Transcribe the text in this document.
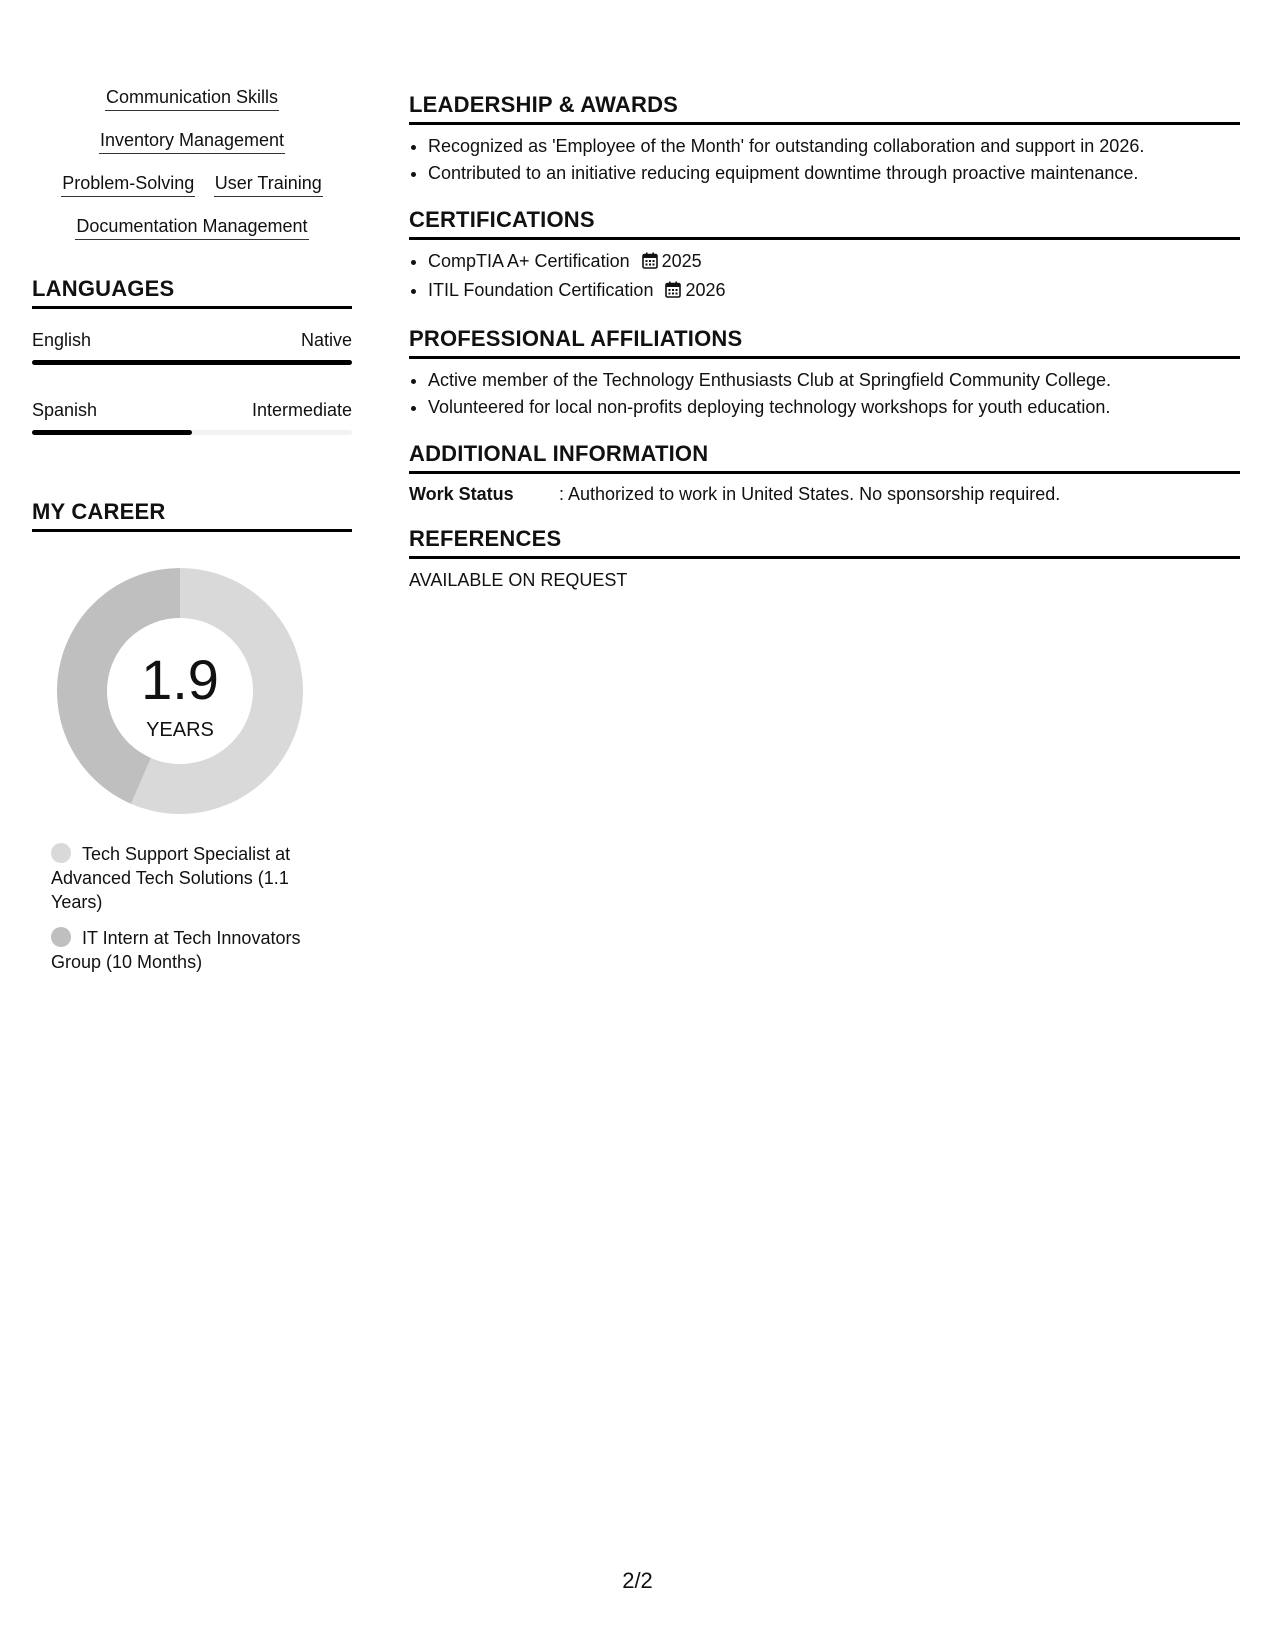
Communication Skills
Inventory Management
Problem-Solving User Training
Documentation Management
LANGUAGES
English	Native
Spanish	Intermediate
MY CAREER
1.9
YEARS
Tech Support Specialist at Advanced Tech Solutions (1.1 Years)
IT Intern at Tech Innovators Group (10 Months)
LEADERSHIP & AWARDS
• Recognized as 'Employee of the Month' for outstanding collaboration and support in 2026.
• Contributed to an initiative reducing equipment downtime through proactive maintenance.
CERTIFICATIONS
• CompTIA A+ Certification 2025
• ITIL Foundation Certification 2026
PROFESSIONAL AFFILIATIONS
• Active member of the Technology Enthusiasts Club at Springfield Community College.
• Volunteered for local non-profits deploying technology workshops for youth education.
ADDITIONAL INFORMATION
Work Status	: Authorized to work in United States. No sponsorship required.
REFERENCES
AVAILABLE ON REQUEST
2/2
